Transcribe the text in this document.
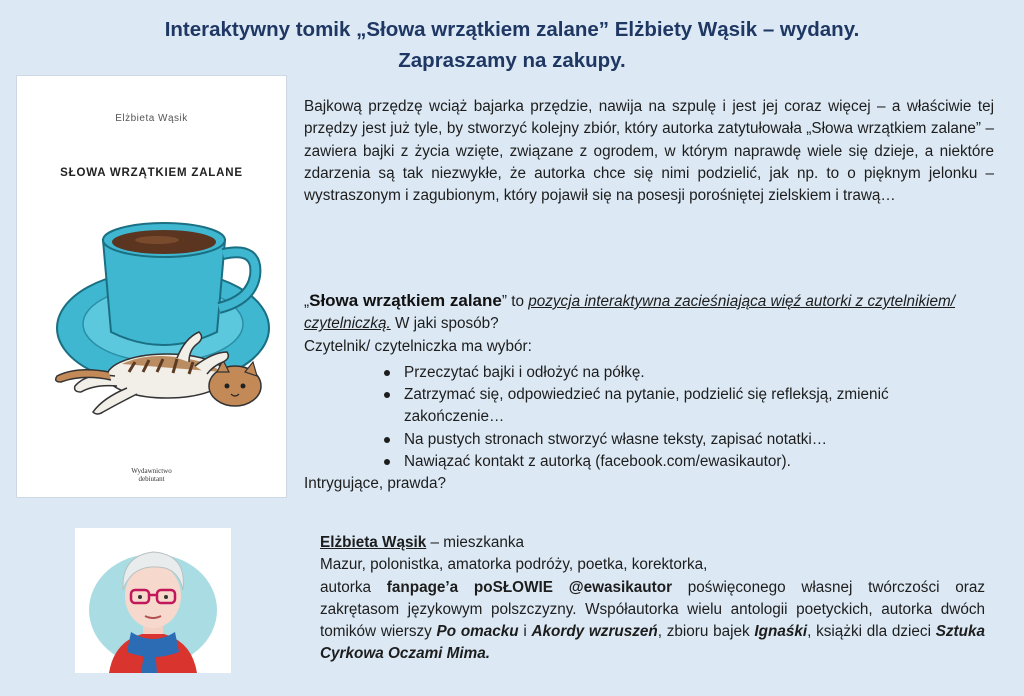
Interaktywny tomik „Słowa wrzątkiem zalane” Elżbiety Wąsik – wydany.
Zapraszamy na zakupy.
Elżbieta Wąsik
SŁOWA WRZĄTKIEM ZALANE
Wydawnictwo
debiutant
Bajkową przędzę wciąż bajarka przędzie, nawija na szpulę i jest jej coraz więcej – a właściwie tej przędzy jest już tyle, by stworzyć kolejny zbiór, który autorka zatytułowała „Słowa wrzątkiem zalane” – zawiera bajki z życia wzięte, związane z ogrodem, w którym naprawdę wiele się dzieje, a niektóre zdarzenia są tak niezwykłe, że autorka chce się nimi podzielić, jak np. to o pięknym jelonku – wystraszonym i zagubionym, który pojawił się na posesji porośniętej zielskiem i trawą…
„Słowa wrzątkiem zalane” to pozycja interaktywna zacieśniająca więź autorki z czytelnikiem/ czytelniczką. W jaki sposób?
Czytelnik/ czytelniczka ma wybór:
Przeczytać bajki i odłożyć na półkę.
Zatrzymać się, odpowiedzieć na pytanie, podzielić się refleksją, zmienić zakończenie…
Na pustych stronach stworzyć własne teksty, zapisać notatki…
Nawiązać kontakt z autorką (facebook.com/ewasikautor).
Intrygujące, prawda?
Elżbieta Wąsik – mieszkanka
Mazur, polonistka, amatorka podróży, poetka, korektorka,
autorka fanpage’a poSŁOWIE @ewasikautor poświęconego własnej twórczości oraz zakrętasom językowym polszczyzny. Współautorka wielu antologii poetyckich, autorka dwóch tomików wierszy Po omacku i Akordy wzruszeń, zbioru bajek Ignaśki, książki dla dzieci Sztuka Cyrkowa Oczami Mima.
